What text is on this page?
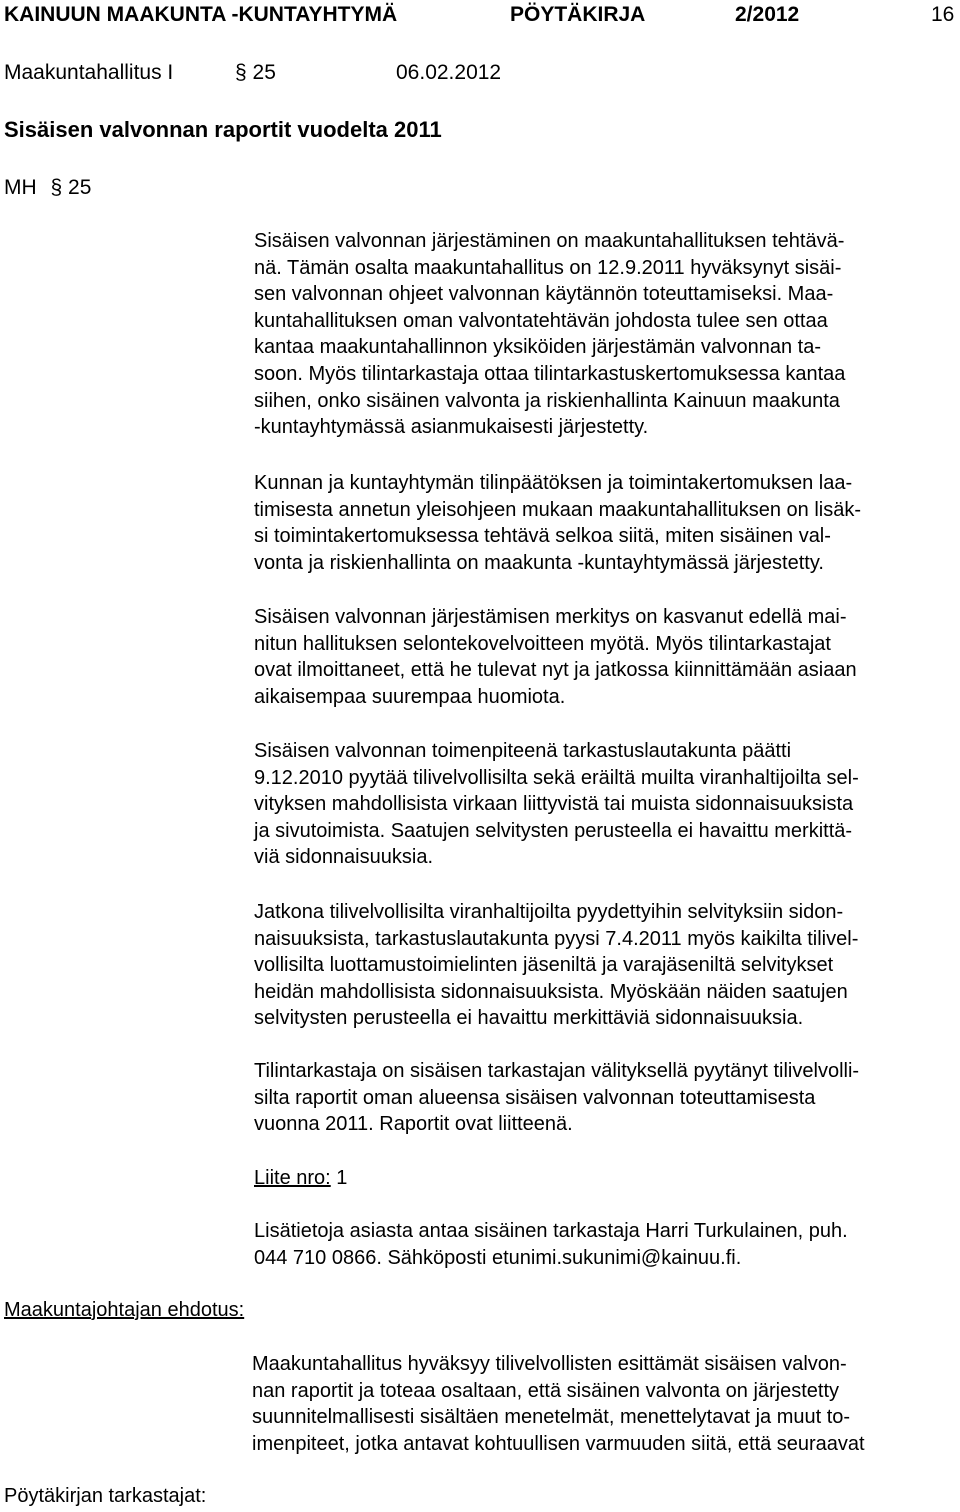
KAINUUN MAAKUNTA -KUNTAYHTYMÄ	PÖYTÄKIRJA	2/2012	16
Maakuntahallitus I	§ 25	06.02.2012
Sisäisen valvonnan raportit vuodelta 2011
MH § 25
Sisäisen valvonnan järjestäminen on maakuntahallituksen tehtävä-
nä. Tämän osalta maakuntahallitus on 12.9.2011 hyväksynyt sisäi-
sen valvonnan ohjeet valvonnan käytännön toteuttamiseksi. Maa-
kuntahallituksen oman valvontatehtävän johdosta tulee sen ottaa
kantaa maakuntahallinnon yksiköiden järjestämän valvonnan ta-
soon. Myös tilintarkastaja ottaa tilintarkastuskertomuksessa kantaa
siihen, onko sisäinen valvonta ja riskienhallinta Kainuun maakunta
-kuntayhtymässä asianmukaisesti järjestetty.
Kunnan ja kuntayhtymän tilinpäätöksen ja toimintakertomuksen laa-
timisesta annetun yleisohjeen mukaan maakuntahallituksen on lisäk-
si toimintakertomuksessa tehtävä selkoa siitä, miten sisäinen val-
vonta ja riskienhallinta on maakunta -kuntayhtymässä järjestetty.
Sisäisen valvonnan järjestämisen merkitys on kasvanut edellä mai-
nitun hallituksen selontekovelvoitteen myötä. Myös tilintarkastajat
ovat ilmoittaneet, että he tulevat nyt ja jatkossa kiinnittämään asiaan
aikaisempaa suurempaa huomiota.
Sisäisen valvonnan toimenpiteenä tarkastuslautakunta päätti
9.12.2010 pyytää tilivelvollisilta sekä eräiltä muilta viranhaltijoilta sel-
vityksen mahdollisista virkaan liittyvistä tai muista sidonnaisuuksista
ja sivutoimista. Saatujen selvitysten perusteella ei havaittu merkittä-
viä sidonnaisuuksia.
Jatkona tilivelvollisilta viranhaltijoilta pyydettyihin selvityksiin sidon-
naisuuksista, tarkastuslautakunta pyysi 7.4.2011 myös kaikilta tilivel-
vollisilta luottamustoimielinten jäseniltä ja varajäseniltä selvitykset
heidän mahdollisista sidonnaisuuksista. Myöskään näiden saatujen
selvitysten perusteella ei havaittu merkittäviä sidonnaisuuksia.
Tilintarkastaja on sisäisen tarkastajan välityksellä pyytänyt tilivelvolli-
silta raportit oman alueensa sisäisen valvonnan toteuttamisesta
vuonna 2011. Raportit ovat liitteenä.
Liite nro: 1
Lisätietoja asiasta antaa sisäinen tarkastaja Harri Turkulainen, puh.
044 710 0866. Sähköposti etunimi.sukunimi@kainuu.fi.
Maakuntajohtajan ehdotus:
Maakuntahallitus hyväksyy tilivelvollisten esittämät sisäisen valvon-
nan raportit ja toteaa osaltaan, että sisäinen valvonta on järjestetty
suunnitelmallisesti sisältäen menetelmät, menettelytavat ja muut to-
imenpiteet, jotka antavat kohtuullisen varmuuden siitä, että seuraavat
Pöytäkirjan tarkastajat:
